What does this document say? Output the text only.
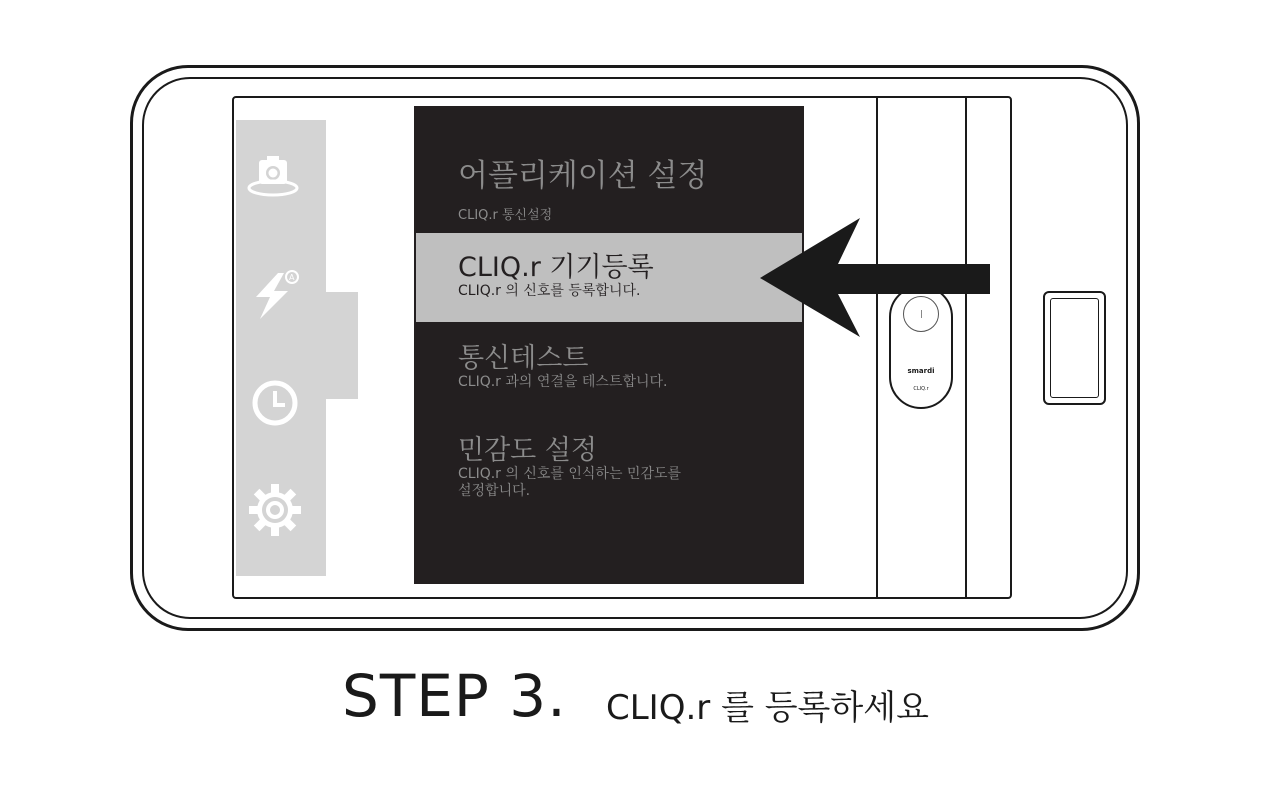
A
smardi
CLIQ.r
어플리케이션 설정
CLIQ.r 통신설정
CLIQ.r 기기등록
CLIQ.r 의 신호를 등록합니다.
통신테스트
CLIQ.r 과의 연결을 테스트합니다.
민감도 설정
CLIQ.r 의 신호를 인식하는 민감도를
설정합니다.
STEP 3. CLIQ.r 를 등록하세요
